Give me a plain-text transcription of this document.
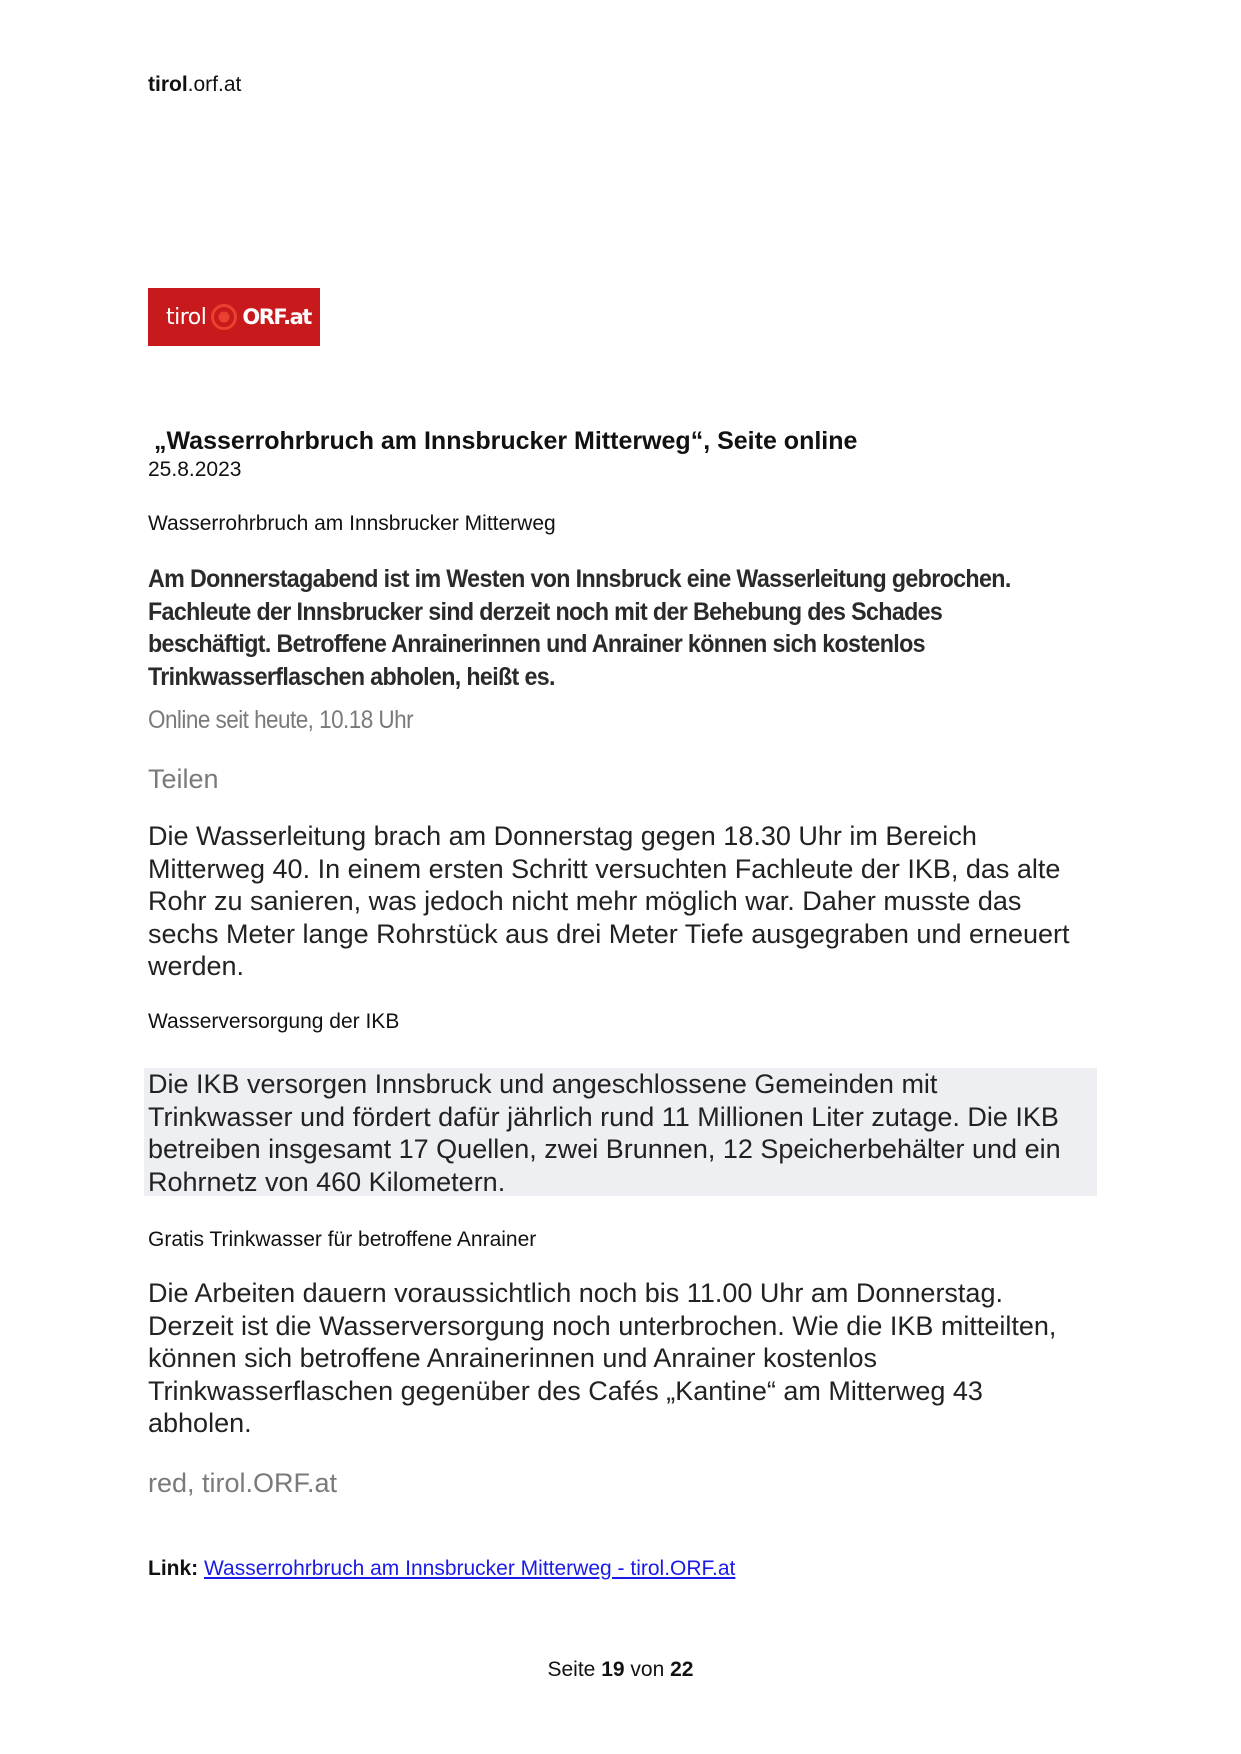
tirol.orf.at
tirol ORF.at
„Wasserrohrbruch am Innsbrucker Mitterweg“, Seite online
25.8.2023
Wasserrohrbruch am Innsbrucker Mitterweg
Am Donnerstagabend ist im Westen von Innsbruck eine Wasserleitung gebrochen. Fachleute der Innsbrucker sind derzeit noch mit der Behebung des Schades beschäftigt. Betroffene Anrainerinnen und Anrainer können sich kostenlos Trinkwasserflaschen abholen, heißt es.
Online seit heute, 10.18 Uhr
Teilen
Die Wasserleitung brach am Donnerstag gegen 18.30 Uhr im Bereich Mitterweg 40. In einem ersten Schritt versuchten Fachleute der IKB, das alte Rohr zu sanieren, was jedoch nicht mehr möglich war. Daher musste das sechs Meter lange Rohrstück aus drei Meter Tiefe ausgegraben und erneuert werden.
Wasserversorgung der IKB
Die IKB versorgen Innsbruck und angeschlossene Gemeinden mit Trinkwasser und fördert dafür jährlich rund 11 Millionen Liter zutage. Die IKB betreiben insgesamt 17 Quellen, zwei Brunnen, 12 Speicherbehälter und ein Rohrnetz von 460 Kilometern.
Gratis Trinkwasser für betroffene Anrainer
Die Arbeiten dauern voraussichtlich noch bis 11.00 Uhr am Donnerstag. Derzeit ist die Wasserversorgung noch unterbrochen. Wie die IKB mitteilten, können sich betroffene Anrainerinnen und Anrainer kostenlos Trinkwasserflaschen gegenüber des Cafés „Kantine“ am Mitterweg 43 abholen.
red, tirol.ORF.at
Link: Wasserrohrbruch am Innsbrucker Mitterweg - tirol.ORF.at
Seite 19 von 22
